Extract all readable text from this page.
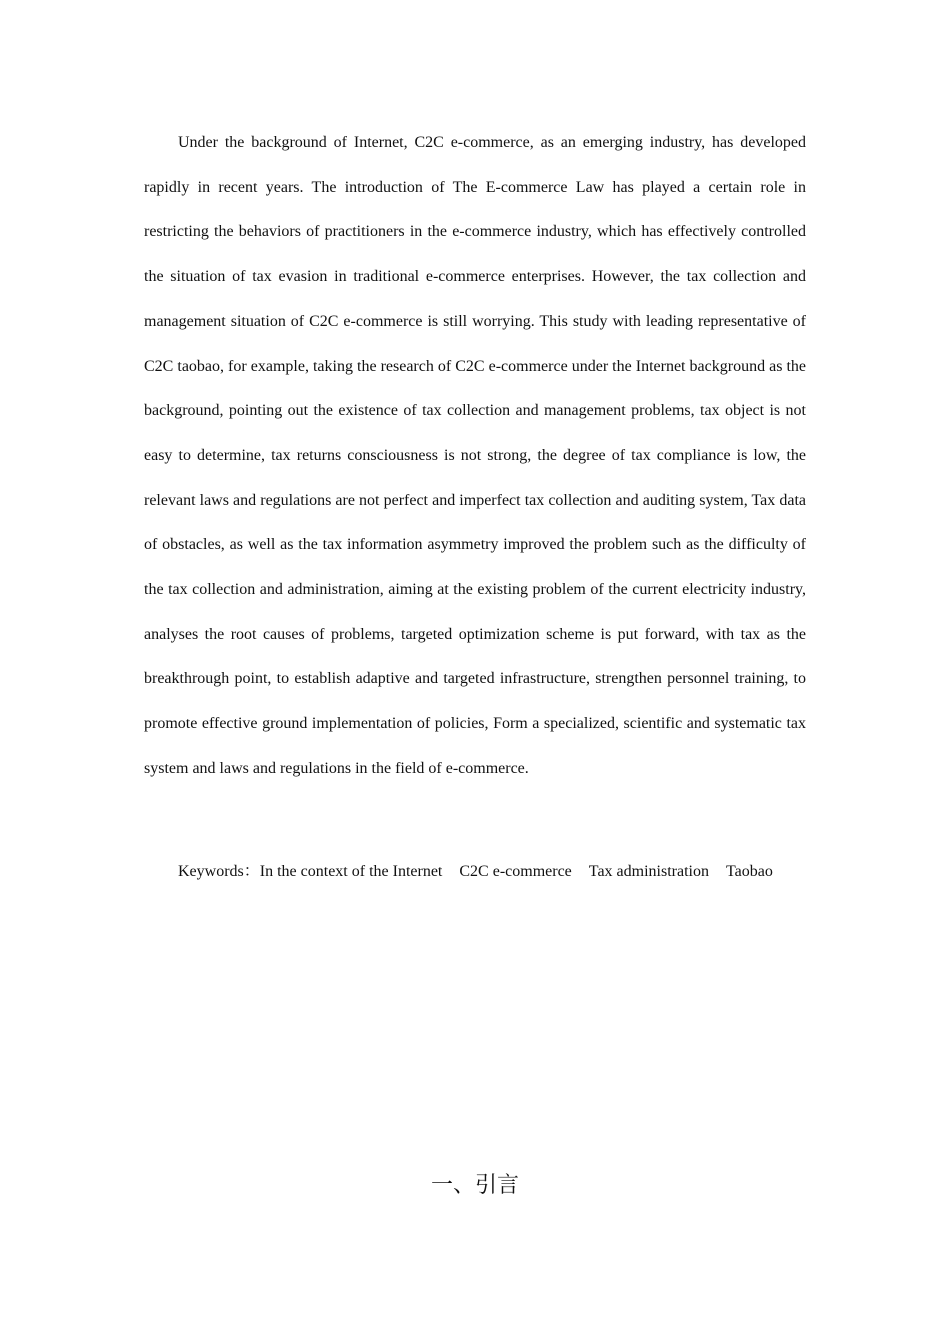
Under the background of Internet, C2C e-commerce, as an emerging industry, has developed rapidly in recent years. The introduction of The E-commerce Law has played a certain role in restricting the behaviors of practitioners in the e-commerce industry, which has effectively controlled the situation of tax evasion in traditional e-commerce enterprises. However, the tax collection and management situation of C2C e-commerce is still worrying. This study with leading representative of C2C taobao, for example, taking the research of C2C e-commerce under the Internet background as the background, pointing out the existence of tax collection and management problems, tax object is not easy to determine, tax returns consciousness is not strong, the degree of tax compliance is low, the relevant laws and regulations are not perfect and imperfect tax collection and auditing system, Tax data of obstacles, as well as the tax information asymmetry improved the problem such as the difficulty of the tax collection and administration, aiming at the existing problem of the current electricity industry, analyses the root causes of problems, targeted optimization scheme is put forward, with tax as the breakthrough point, to establish adaptive and targeted infrastructure, strengthen personnel training, to promote effective ground implementation of policies, Form a specialized, scientific and systematic tax system and laws and regulations in the field of e-commerce.

Keywords：In the context of the Internet C2C e-commerce Tax administration Taobao

一、引言
